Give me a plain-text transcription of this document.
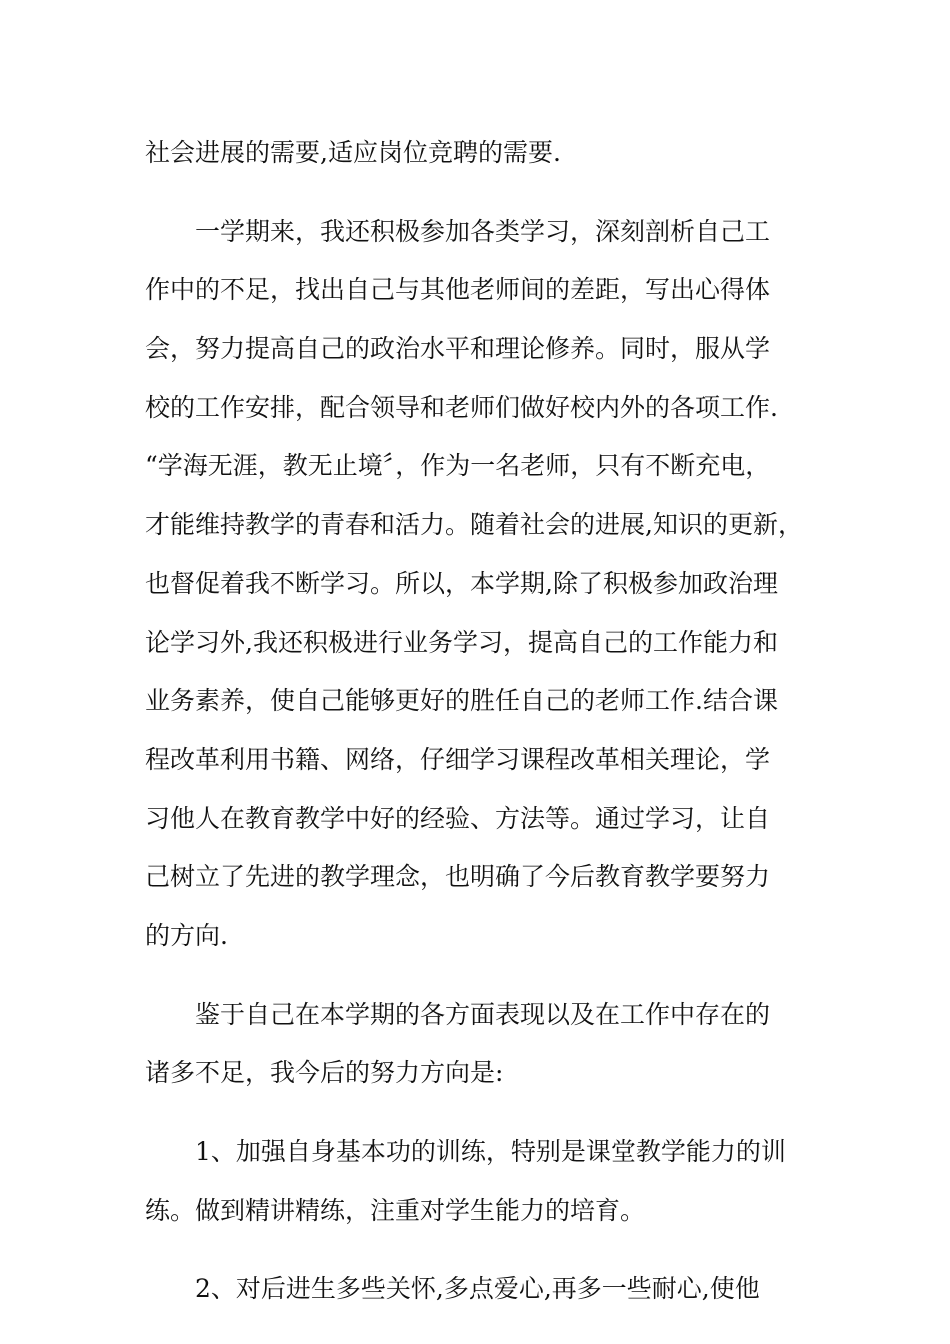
社会进展的需要,适应岗位竞聘的需要.
一学期来，我还积极参加各类学习，深刻剖析自己工
作中的不足，找出自己与其他老师间的差距，写出心得体
会，努力提高自己的政治水平和理论修养。同时，服从学
校的工作安排，配合领导和老师们做好校内外的各项工作.
“学海无涯，教无止境〞，作为一名老师，只有不断充电，
才能维持教学的青春和活力。随着社会的进展,知识的更新，
也督促着我不断学习。所以，本学期,除了积极参加政治理
论学习外,我还积极进行业务学习，提高自己的工作能力和
业务素养，使自己能够更好的胜任自己的老师工作.结合课
程改革利用书籍、网络，仔细学习课程改革相关理论，学
习他人在教育教学中好的经验、方法等。通过学习，让自
己树立了先进的教学理念，也明确了今后教育教学要努力
的方向.
鉴于自己在本学期的各方面表现以及在工作中存在的
诸多不足，我今后的努力方向是:
1、加强自身基本功的训练，特别是课堂教学能力的训
练。做到精讲精练，注重对学生能力的培育。
2、对后进生多些关怀,多点爱心,再多一些耐心,使他
